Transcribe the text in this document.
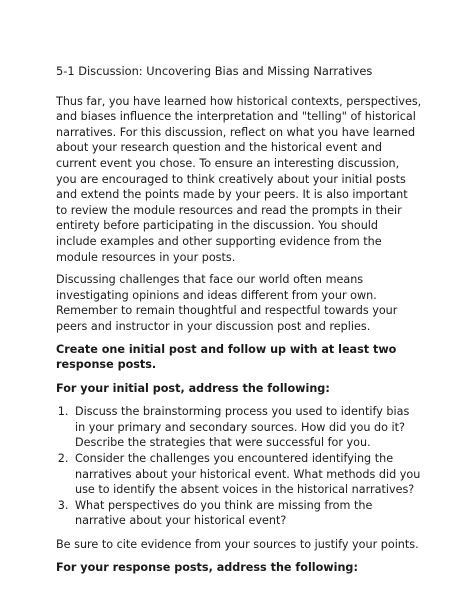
5-1 Discussion: Uncovering Bias and Missing Narratives

Thus far, you have learned how historical contexts, perspectives, and biases influence the interpretation and "telling" of historical narratives. For this discussion, reflect on what you have learned about your research question and the historical event and current event you chose. To ensure an interesting discussion, you are encouraged to think creatively about your initial posts and extend the points made by your peers. It is also important to review the module resources and read the prompts in their entirety before participating in the discussion. You should include examples and other supporting evidence from the module resources in your posts.

Discussing challenges that face our world often means investigating opinions and ideas different from your own. Remember to remain thoughtful and respectful towards your peers and instructor in your discussion post and replies.

Create one initial post and follow up with at least two response posts.

For your initial post, address the following:

1. Discuss the brainstorming process you used to identify bias in your primary and secondary sources. How did you do it? Describe the strategies that were successful for you.
2. Consider the challenges you encountered identifying the narratives about your historical event. What methods did you use to identify the absent voices in the historical narratives?
3. What perspectives do you think are missing from the narrative about your historical event?

Be sure to cite evidence from your sources to justify your points.

For your response posts, address the following:
